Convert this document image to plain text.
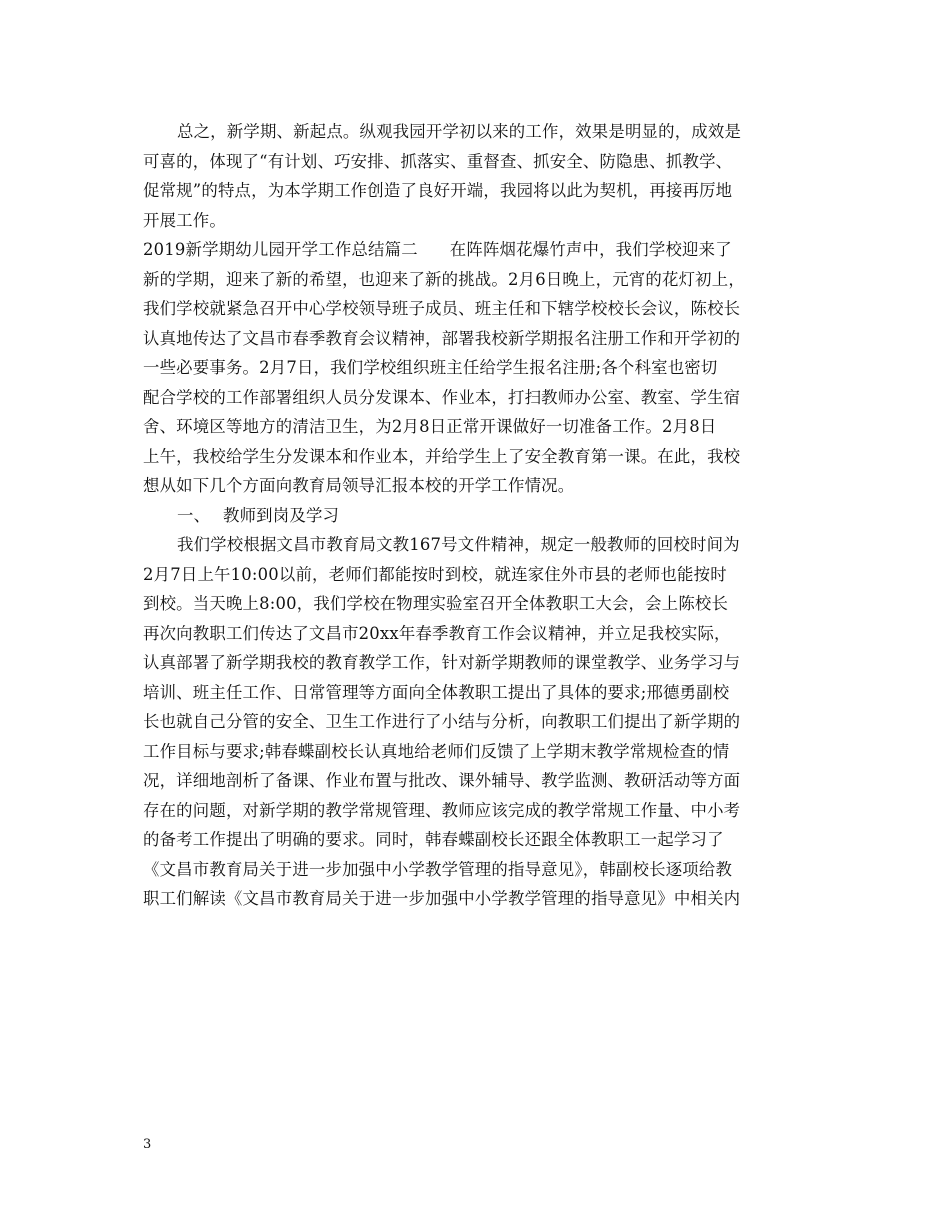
总之，新学期、新起点。纵观我园开学初以来的工作，效果是明显的，成效是
可喜的，体现了“有计划、巧安排、抓落实、重督查、抓安全、防隐患、抓教学、
促常规”的特点，为本学期工作创造了良好开端，我园将以此为契机，再接再厉地
开展工作。
2019新学期幼儿园开学工作总结篇二 在阵阵烟花爆竹声中，我们学校迎来了
新的学期，迎来了新的希望，也迎来了新的挑战。2月6日晚上，元宵的花灯初上，
我们学校就紧急召开中心学校领导班子成员、班主任和下辖学校校长会议，陈校长
认真地传达了文昌市春季教育会议精神，部署我校新学期报名注册工作和开学初的
一些必要事务。2月7日，我们学校组织班主任给学生报名注册;各个科室也密切
配合学校的工作部署组织人员分发课本、作业本，打扫教师办公室、教室、学生宿
舍、环境区等地方的清洁卫生，为2月8日正常开课做好一切准备工作。2月8日
上午，我校给学生分发课本和作业本，并给学生上了安全教育第一课。在此，我校
想从如下几个方面向教育局领导汇报本校的开学工作情况。
一、 教师到岗及学习
我们学校根据文昌市教育局文教167号文件精神，规定一般教师的回校时间为
2月7日上午10:00以前，老师们都能按时到校，就连家住外市县的老师也能按时
到校。当天晚上8:00，我们学校在物理实验室召开全体教职工大会，会上陈校长
再次向教职工们传达了文昌市20xx年春季教育工作会议精神，并立足我校实际，
认真部署了新学期我校的教育教学工作，针对新学期教师的课堂教学、业务学习与
培训、班主任工作、日常管理等方面向全体教职工提出了具体的要求;邢德勇副校
长也就自己分管的安全、卫生工作进行了小结与分析，向教职工们提出了新学期的
工作目标与要求;韩春蝶副校长认真地给老师们反馈了上学期末教学常规检查的情
况，详细地剖析了备课、作业布置与批改、课外辅导、教学监测、教研活动等方面
存在的问题，对新学期的教学常规管理、教师应该完成的教学常规工作量、中小考
的备考工作提出了明确的要求。同时，韩春蝶副校长还跟全体教职工一起学习了
《文昌市教育局关于进一步加强中小学教学管理的指导意见》，韩副校长逐项给教
职工们解读《文昌市教育局关于进一步加强中小学教学管理的指导意见》中相关内
3
